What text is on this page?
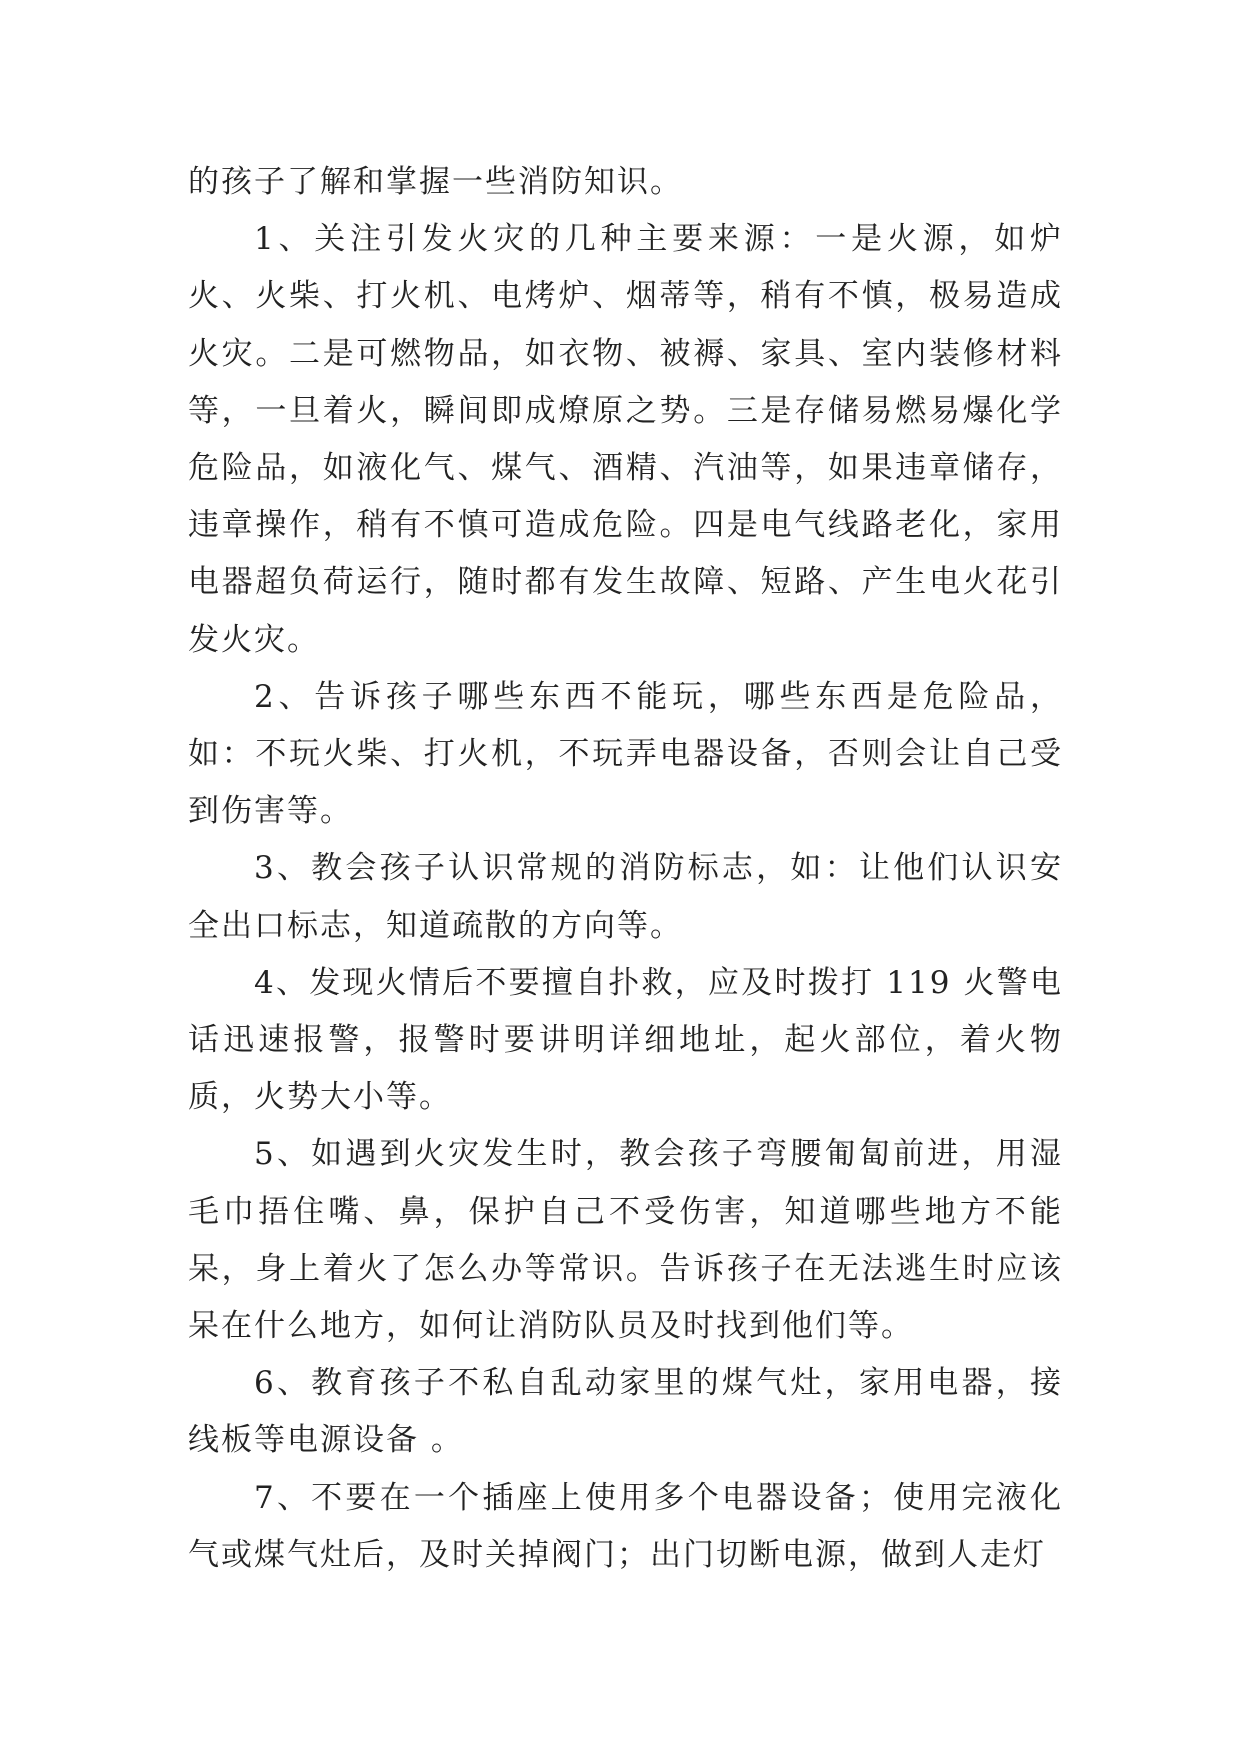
的孩子了解和掌握一些消防知识。

1、关注引发火灾的几种主要来源：一是火源，如炉火、火柴、打火机、电烤炉、烟蒂等，稍有不慎，极易造成火灾。二是可燃物品，如衣物、被褥、家具、室内装修材料等，一旦着火，瞬间即成燎原之势。三是存储易燃易爆化学危险品，如液化气、煤气、酒精、汽油等，如果违章储存，违章操作，稍有不慎可造成危险。四是电气线路老化，家用电器超负荷运行，随时都有发生故障、短路、产生电火花引发火灾。

2、告诉孩子哪些东西不能玩，哪些东西是危险品，如：不玩火柴、打火机，不玩弄电器设备，否则会让自己受到伤害等。

3、教会孩子认识常规的消防标志，如：让他们认识安全出口标志，知道疏散的方向等。

4、发现火情后不要擅自扑救，应及时拨打 119 火警电话迅速报警，报警时要讲明详细地址，起火部位，着火物质，火势大小等。

5、如遇到火灾发生时，教会孩子弯腰匍匐前进，用湿毛巾捂住嘴、鼻，保护自己不受伤害，知道哪些地方不能呆，身上着火了怎么办等常识。告诉孩子在无法逃生时应该呆在什么地方，如何让消防队员及时找到他们等。

6、教育孩子不私自乱动家里的煤气灶，家用电器，接线板等电源设备 。

7、不要在一个插座上使用多个电器设备；使用完液化气或煤气灶后，及时关掉阀门；出门切断电源，做到人走灯
